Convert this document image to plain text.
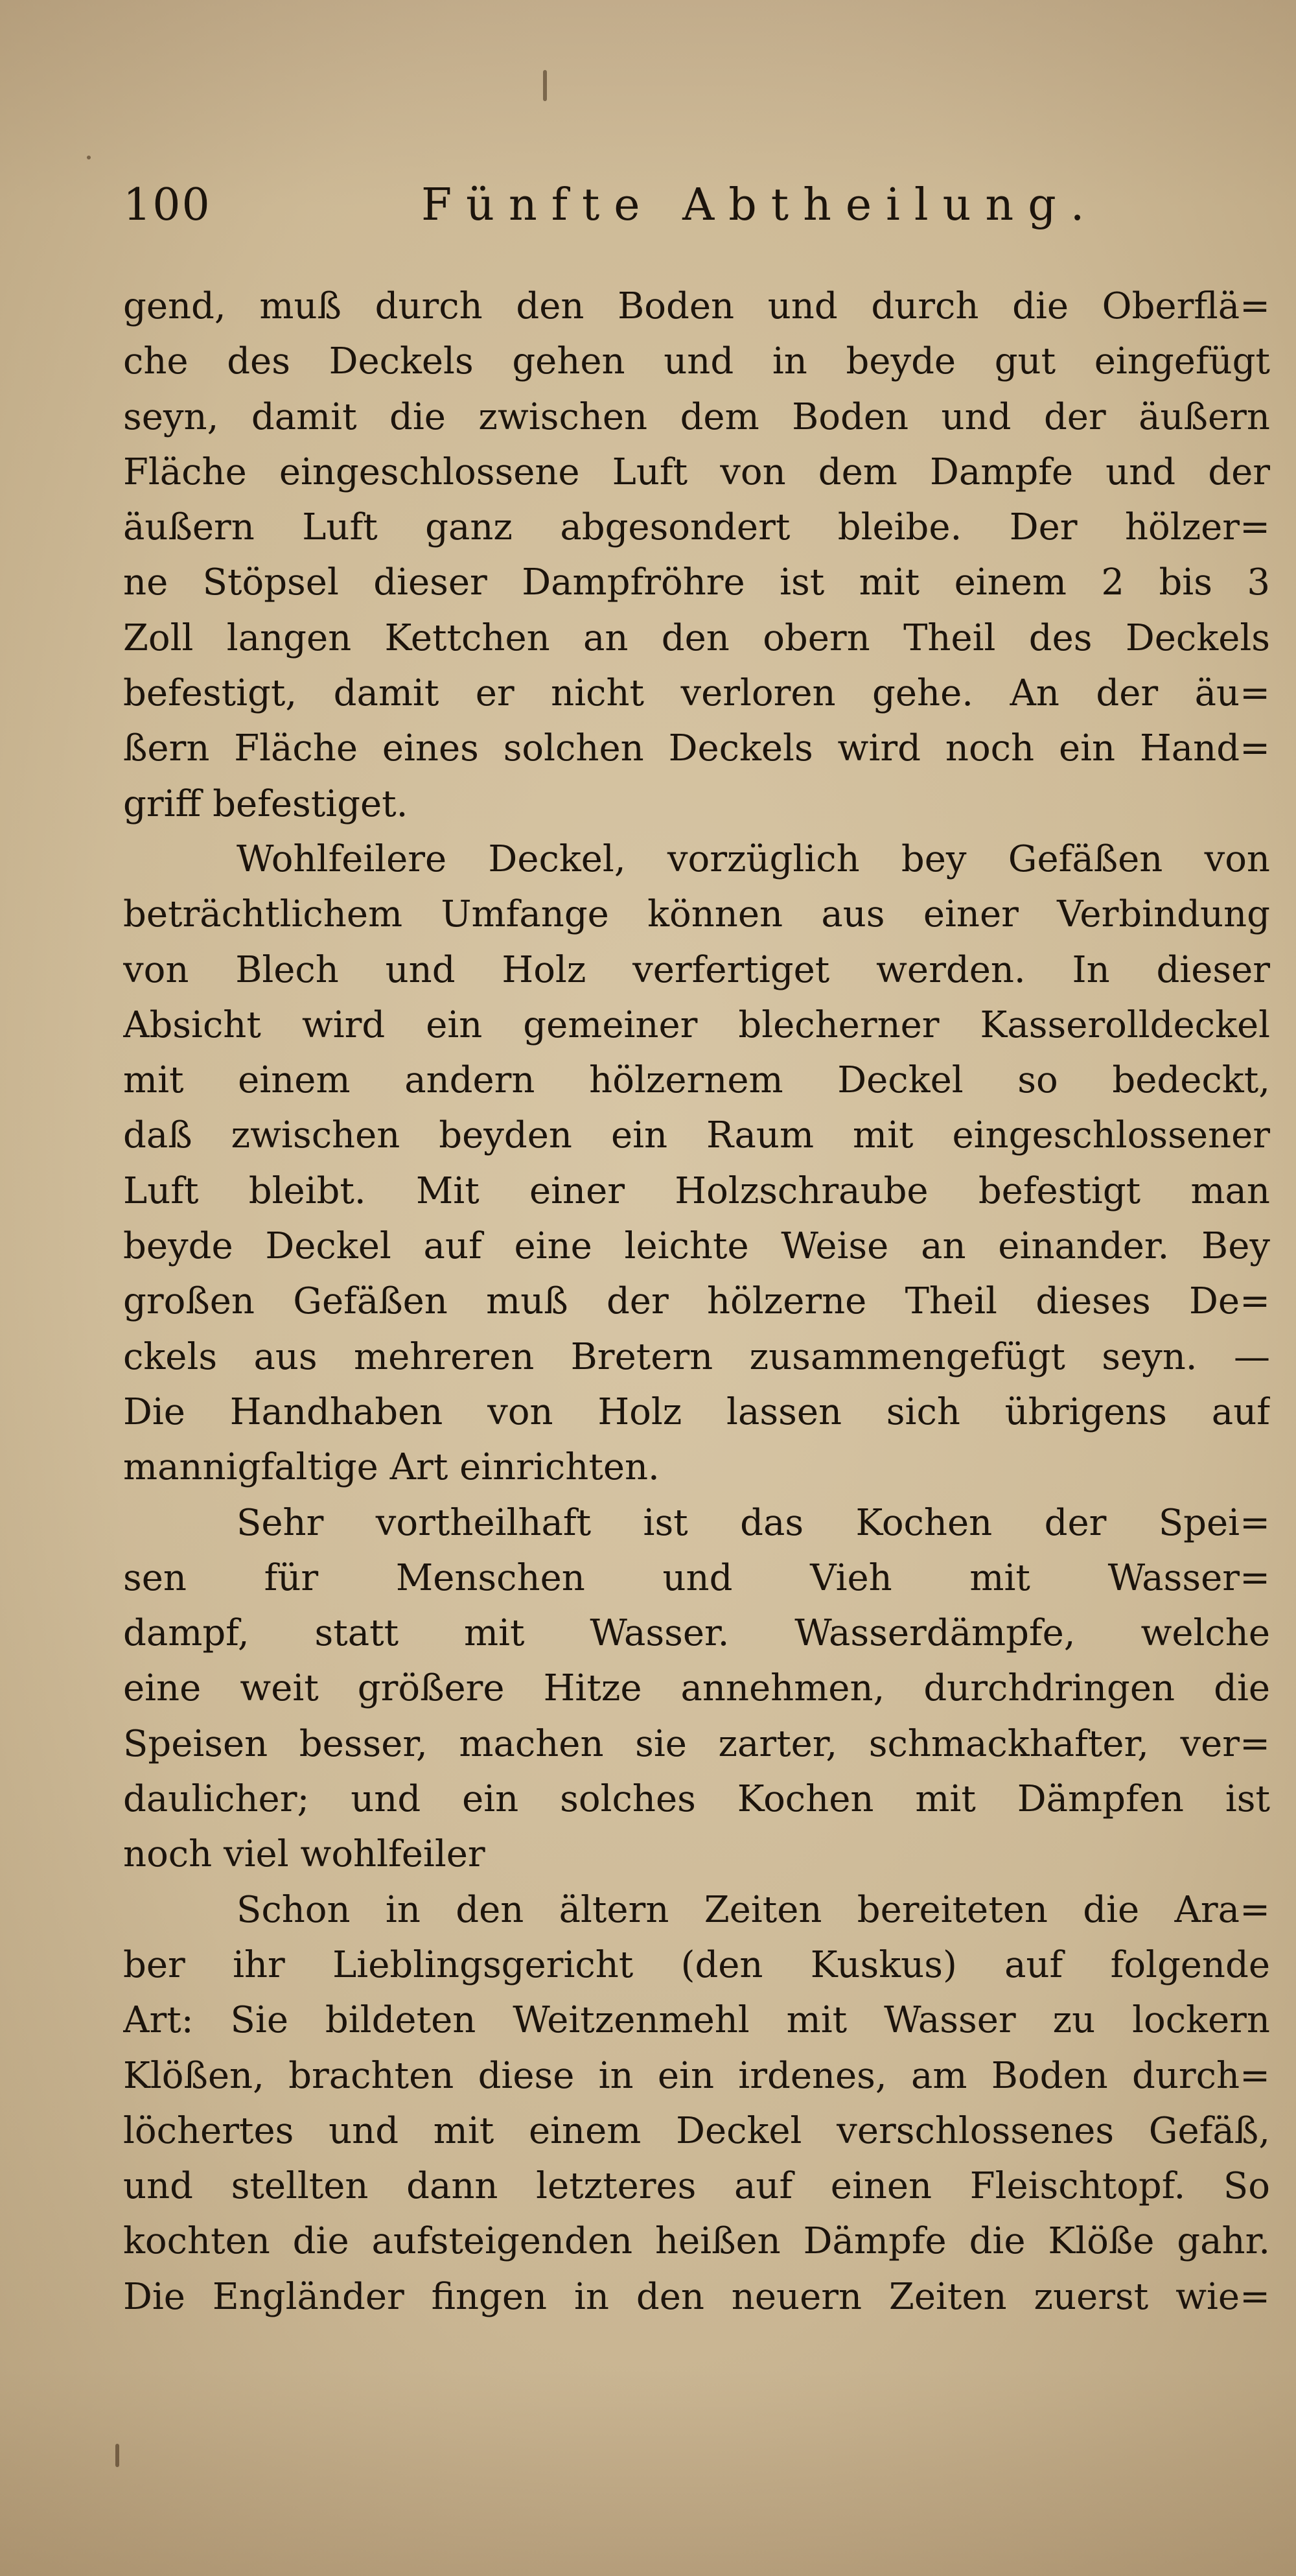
100	Fünfte Abtheilung.
gend, muß durch den Boden und durch die Oberflä=
che des Deckels gehen und in beyde gut eingefügt
seyn, damit die zwischen dem Boden und der äußern
Fläche eingeschlossene Luft von dem Dampfe und der
äußern Luft ganz abgesondert bleibe. Der hölzer=
ne Stöpsel dieser Dampfröhre ist mit einem 2 bis 3
Zoll langen Kettchen an den obern Theil des Deckels
befestigt, damit er nicht verloren gehe. An der äu=
ßern Fläche eines solchen Deckels wird noch ein Hand=
griff befestiget.
Wohlfeilere Deckel, vorzüglich bey Gefäßen von
beträchtlichem Umfange können aus einer Verbindung
von Blech und Holz verfertiget werden. In dieser
Absicht wird ein gemeiner blecherner Kasserolldeckel
mit einem andern hölzernem Deckel so bedeckt,
daß zwischen beyden ein Raum mit eingeschlossener
Luft bleibt. Mit einer Holzschraube befestigt man
beyde Deckel auf eine leichte Weise an einander. Bey
großen Gefäßen muß der hölzerne Theil dieses De=
ckels aus mehreren Bretern zusammengefügt seyn. —
Die Handhaben von Holz lassen sich übrigens auf
mannigfaltige Art einrichten.
Sehr vortheilhaft ist das Kochen der Spei=
sen für Menschen und Vieh mit Wasser=
dampf, statt mit Wasser. Wasserdämpfe, welche
eine weit größere Hitze annehmen, durchdringen die
Speisen besser, machen sie zarter, schmackhafter, ver=
daulicher; und ein solches Kochen mit Dämpfen ist
noch viel wohlfeiler
Schon in den ältern Zeiten bereiteten die Ara=
ber ihr Lieblingsgericht (den Kuskus) auf folgende
Art: Sie bildeten Weitzenmehl mit Wasser zu lockern
Klößen, brachten diese in ein irdenes, am Boden durch=
löchertes und mit einem Deckel verschlossenes Gefäß,
und stellten dann letzteres auf einen Fleischtopf. So
kochten die aufsteigenden heißen Dämpfe die Klöße gahr.
Die Engländer fingen in den neuern Zeiten zuerst wie=
